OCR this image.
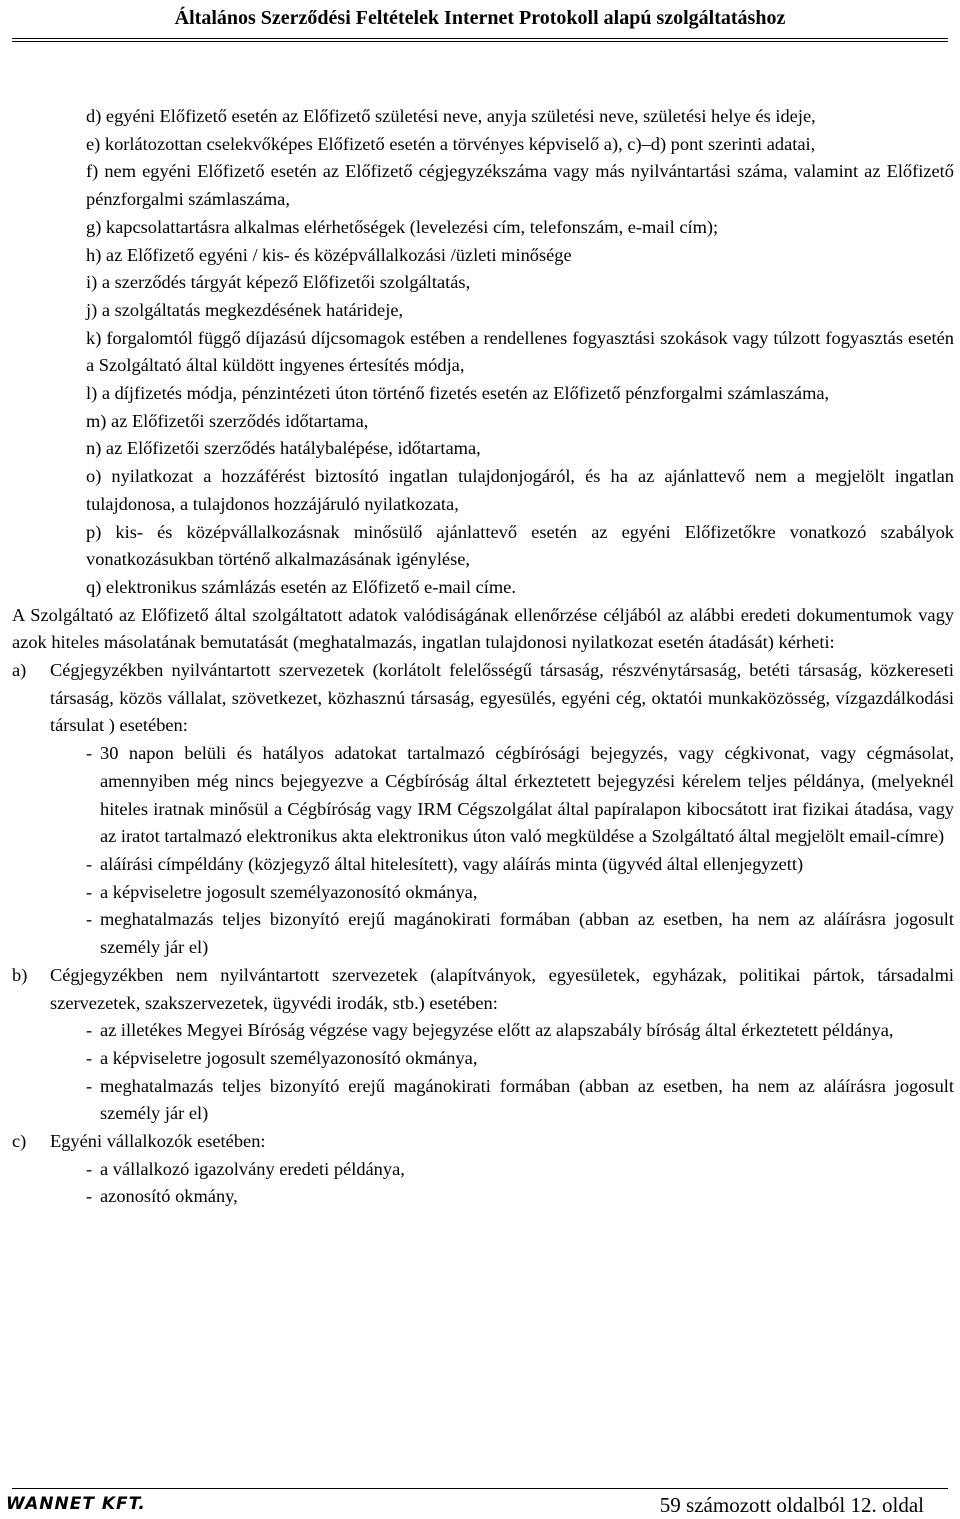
Általános Szerződési Feltételek Internet Protokoll alapú szolgáltatáshoz

d) egyéni Előfizető esetén az Előfizető születési neve, anyja születési neve, születési helye és ideje,

e) korlátozottan cselekvőképes Előfizető esetén a törvényes képviselő a), c)–d) pont szerinti adatai,

f) nem egyéni Előfizető esetén az Előfizető cégjegyzékszáma vagy más nyilvántartási száma, valamint az Előfizető pénzforgalmi számlaszáma,

g) kapcsolattartásra alkalmas elérhetőségek (levelezési cím, telefonszám, e-mail cím);

h) az Előfizető egyéni / kis- és középvállalkozási /üzleti minősége

i) a szerződés tárgyát képező Előfizetői szolgáltatás,

j) a szolgáltatás megkezdésének határideje,

k) forgalomtól függő díjazású díjcsomagok estében a rendellenes fogyasztási szokások vagy túlzott fogyasztás esetén a Szolgáltató által küldött ingyenes értesítés módja,

l) a díjfizetés módja, pénzintézeti úton történő fizetés esetén az Előfizető pénzforgalmi számlaszáma,

m) az Előfizetői szerződés időtartama,

n) az Előfizetői szerződés hatálybalépése, időtartama,

o) nyilatkozat a hozzáférést biztosító ingatlan tulajdonjogáról, és ha az ajánlattevő nem a megjelölt ingatlan tulajdonosa, a tulajdonos hozzájáruló nyilatkozata,

p) kis- és középvállalkozásnak minősülő ajánlattevő esetén az egyéni Előfizetőkre vonatkozó szabályok vonatkozásukban történő alkalmazásának igénylése,

q) elektronikus számlázás esetén az Előfizető e-mail címe.

A Szolgáltató az Előfizető által szolgáltatott adatok valódiságának ellenőrzése céljából az alábbi eredeti dokumentumok vagy azok hiteles másolatának bemutatását (meghatalmazás, ingatlan tulajdonosi nyilatkozat esetén átadását) kérheti:

a) Cégjegyzékben nyilvántartott szervezetek (korlátolt felelősségű társaság, részvénytársaság, betéti társaság, közkereseti társaság, közös vállalat, szövetkezet, közhasznú társaság, egyesülés, egyéni cég, oktatói munkaközösség, vízgazdálkodási társulat ) esetében:
- 30 napon belüli és hatályos adatokat tartalmazó cégbírósági bejegyzés, vagy cégkivonat, vagy cégmásolat, amennyiben még nincs bejegyezve a Cégbíróság által érkeztetett bejegyzési kérelem teljes példánya, (melyeknél hiteles iratnak minősül a Cégbíróság vagy IRM Cégszolgálat által papíralapon kibocsátott irat fizikai átadása, vagy az iratot tartalmazó elektronikus akta elektronikus úton való megküldése a Szolgáltató által megjelölt email-címre)
- aláírási címpéldány (közjegyző által hitelesített), vagy aláírás minta (ügyvéd által ellenjegyzett)
- a képviseletre jogosult személyazonosító okmánya,
- meghatalmazás teljes bizonyító erejű magánokirati formában (abban az esetben, ha nem az aláírásra jogosult személy jár el)
b) Cégjegyzékben nem nyilvántartott szervezetek (alapítványok, egyesületek, egyházak, politikai pártok, társadalmi szervezetek, szakszervezetek, ügyvédi irodák, stb.) esetében:
- az illetékes Megyei Bíróság végzése vagy bejegyzése előtt az alapszabály bíróság által érkeztetett példánya,
- a képviseletre jogosult személyazonosító okmánya,
- meghatalmazás teljes bizonyító erejű magánokirati formában (abban az esetben, ha nem az aláírásra jogosult személy jár el)
c) Egyéni vállalkozók esetében:
- a vállalkozó igazolvány eredeti példánya,
- azonosító okmány,
WANNET KFT.	59 számozott oldalból 12. oldal
